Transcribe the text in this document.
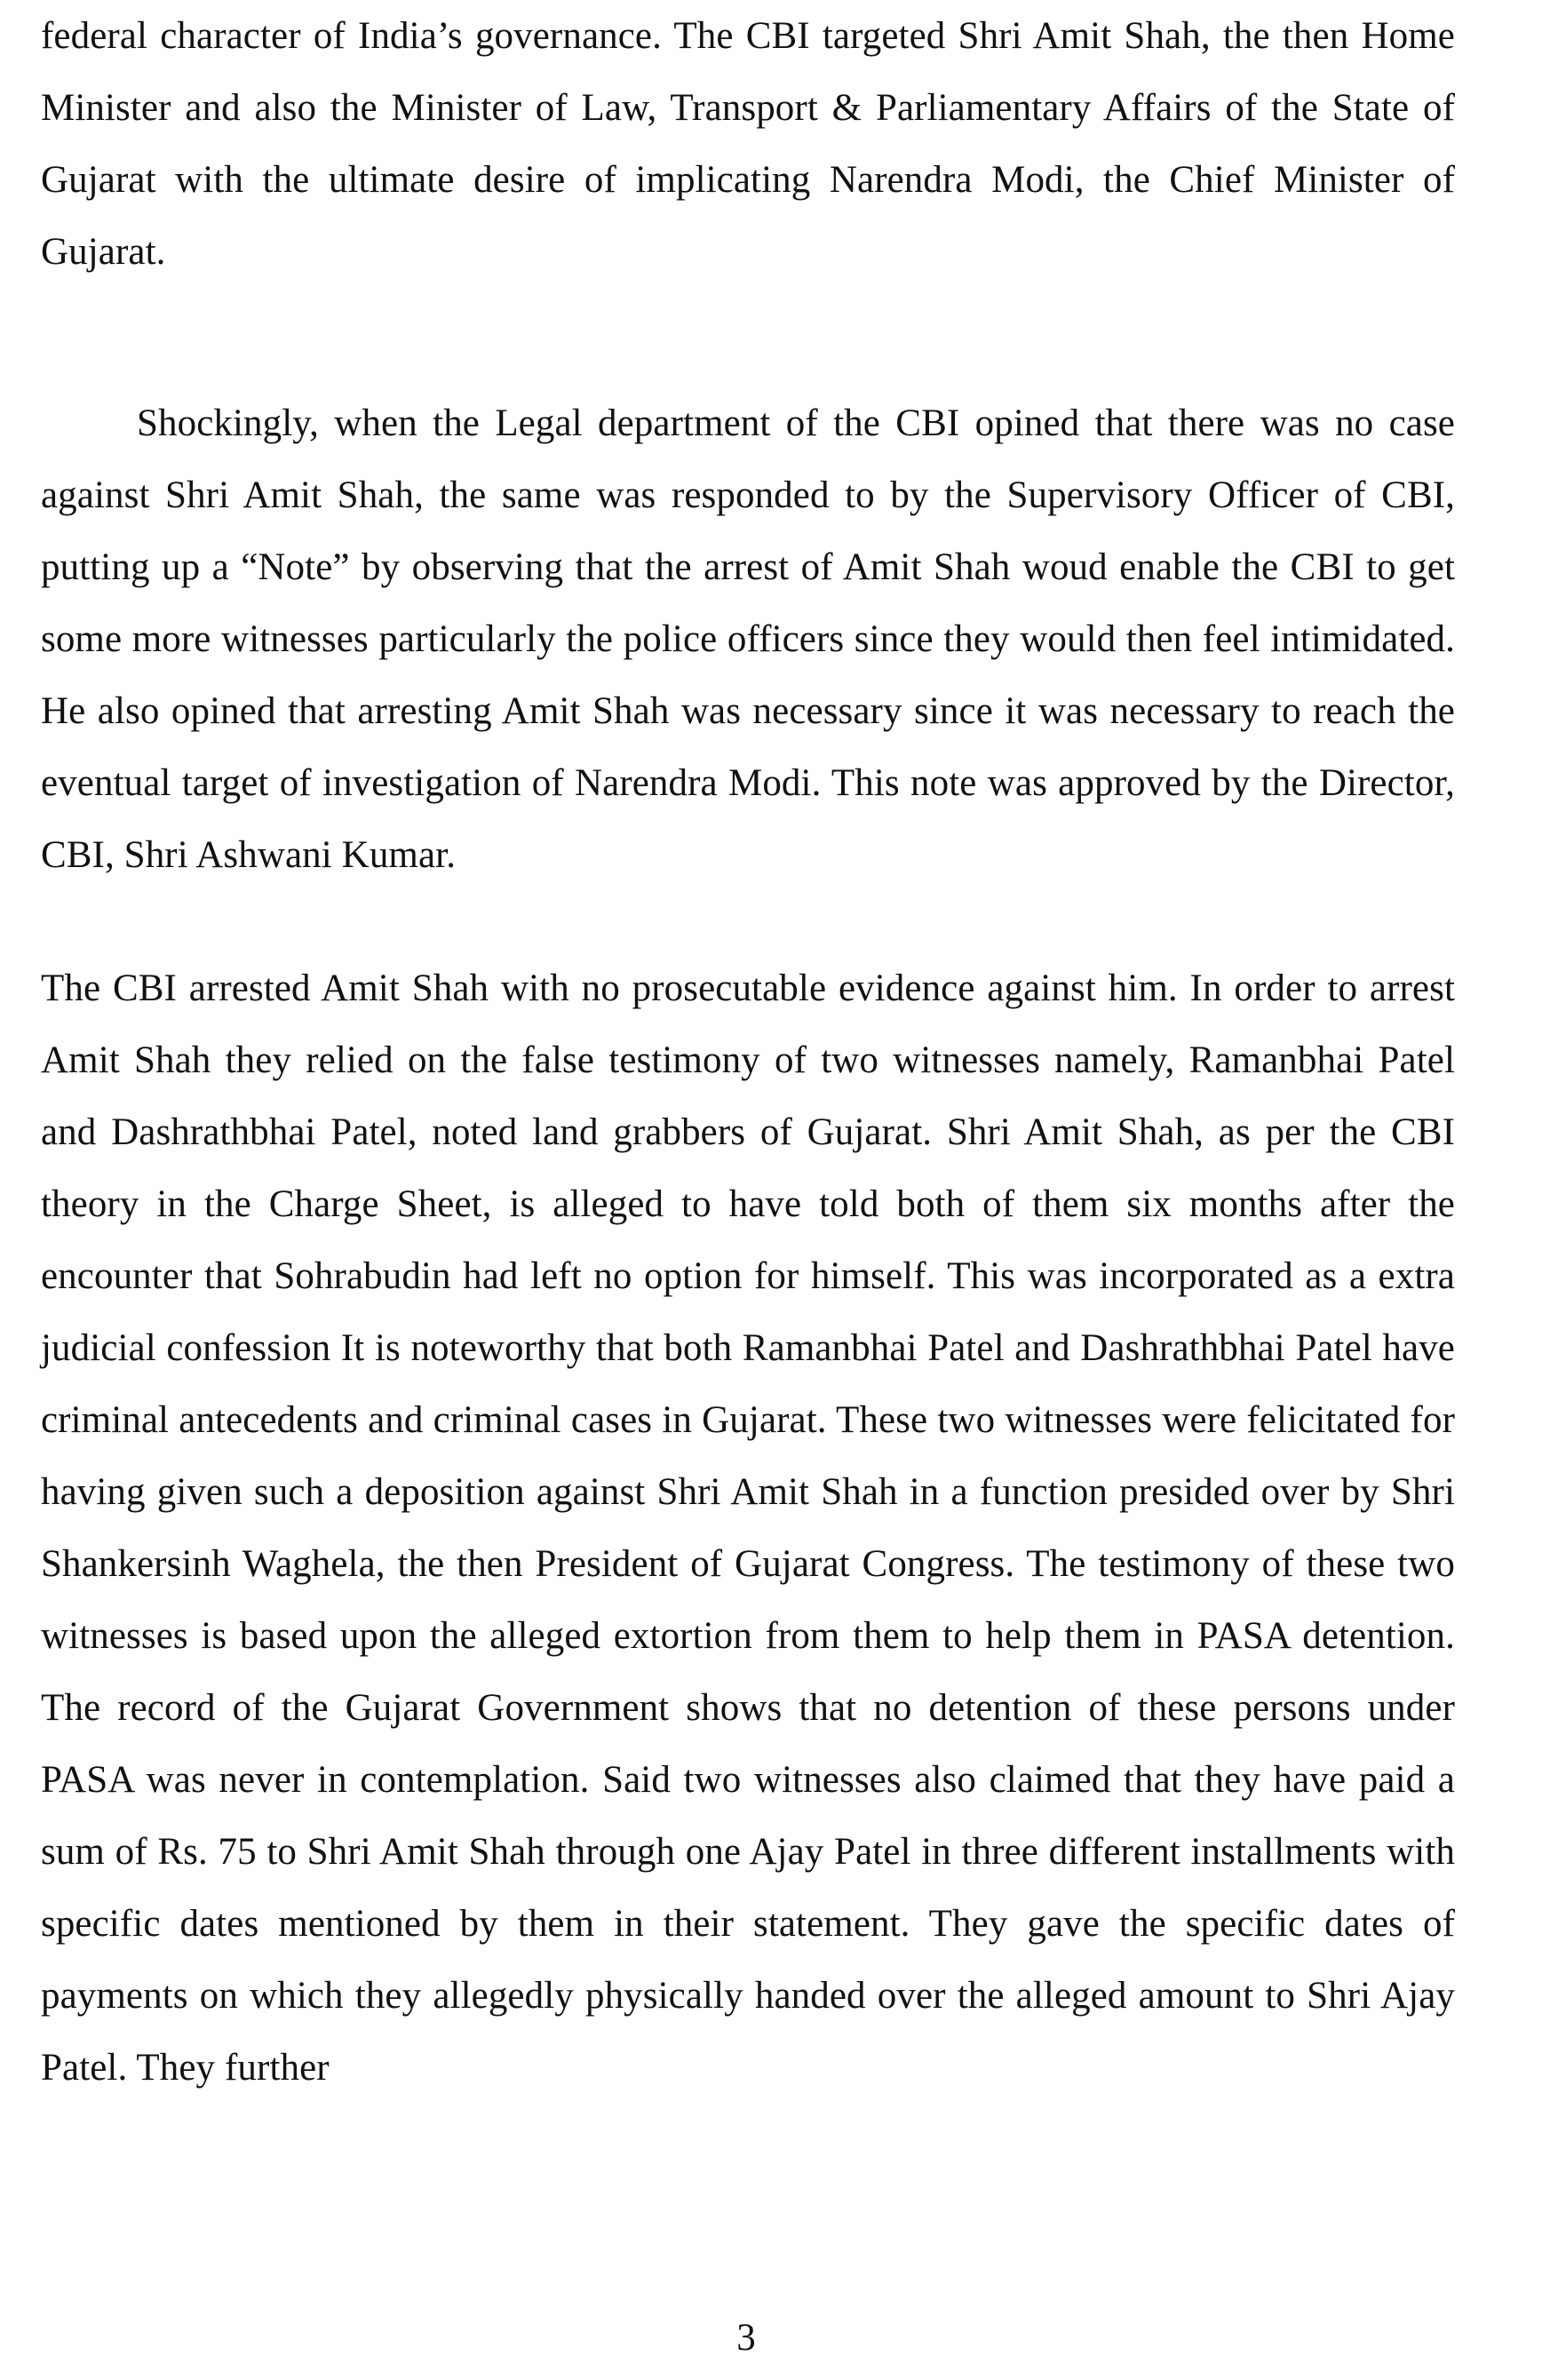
federal character of India’s governance. The CBI targeted Shri Amit Shah, the then Home Minister and also the Minister of Law, Transport & Parliamentary Affairs of the State of Gujarat with the ultimate desire of implicating Narendra Modi, the Chief Minister of Gujarat.

Shockingly, when the Legal department of the CBI opined that there was no case against Shri Amit Shah, the same was responded to by the Supervisory Officer of CBI, putting up a “Note” by observing that the arrest of Amit Shah woud enable the CBI to get some more witnesses particularly the police officers since they would then feel intimidated. He also opined that arresting Amit Shah was necessary since it was necessary to reach the eventual target of investigation of Narendra Modi. This note was approved by the Director, CBI, Shri Ashwani Kumar.

The CBI arrested Amit Shah with no prosecutable evidence against him. In order to arrest Amit Shah they relied on the false testimony of two witnesses namely, Ramanbhai Patel and Dashrathbhai Patel, noted land grabbers of Gujarat. Shri Amit Shah, as per the CBI theory in the Charge Sheet, is alleged to have told both of them six months after the encounter that Sohrabudin had left no option for himself. This was incorporated as a extra judicial confession It is noteworthy that both Ramanbhai Patel and Dashrathbhai Patel have criminal antecedents and criminal cases in Gujarat. These two witnesses were felicitated for having given such a deposition against Shri Amit Shah in a function presided over by Shri Shankersinh Waghela, the then President of Gujarat Congress. The testimony of these two witnesses is based upon the alleged extortion from them to help them in PASA detention. The record of the Gujarat Government shows that no detention of these persons under PASA was never in contemplation. Said two witnesses also claimed that they have paid a sum of Rs. 75 to Shri Amit Shah through one Ajay Patel in three different installments with specific dates mentioned by them in their statement. They gave the specific dates of payments on which they allegedly physically handed over the alleged amount to Shri Ajay Patel. They further

3
